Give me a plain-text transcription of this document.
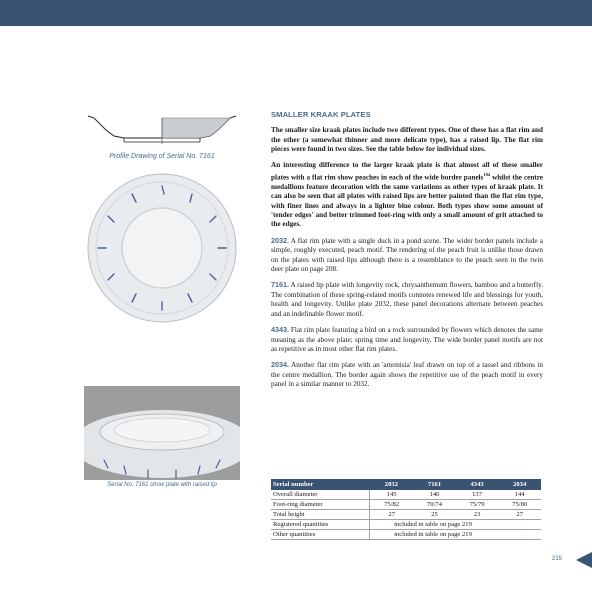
Profile Drawing of Serial No. 7161
Serial No. 7161 show plate with raised lip
SMALLER KRAAK PLATES

The smaller size kraak plates include two different types. One of these has a flat rim and the other (a somewhat thinner and more delicate type), has a raised lip. The flat rim pieces were found in two sizes. See the table below for individual sizes.

An interesting difference to the larger kraak plate is that almost all of these smaller plates with a flat rim show peaches in each of the wide border panels$^{104}$ whilst the centre medallions feature decoration with the same variations as other types of kraak plate. It can also be seen that all plates with raised lips are better painted than the flat rim type, with finer lines and always in a lighter blue colour. Both types show some amount of 'tender edges' and better trimmed foot-ring with only a small amount of grit attached to the edges.

2032. A flat rim plate with a single duck in a pond scene. The wider border panels include a simple, roughly executed, peach motif. The rendering of the peach fruit is unlike those drawn on the plates with raised lips although there is a resemblance to the peach seen in the twin deer plate on page 208.

7161. A raised lip plate with longevity rock, chrysanthemum flowers, bamboo and a butterfly. The combination of these spring-related motifs connotes renewed life and blessings for youth, health and longevity. Unlike plate 2032, these panel decorations alternate between peaches and an indefinable flower motif.

4343. Flat rim plate featuring a bird on a rock surrounded by flowers which denotes the same meaning as the above plate; spring time and longevity. The wide border panel motifs are not as repetitive as in most other flat rim plates.

2034. Another flat rim plate with an 'artemisia' leaf drawn on top of a tassel and ribbons in the centre medallion. The border again shows the repetitive use of the peach motif in every panel in a similar manner to 2032.

Serial number	2032	7161	4343	2034
Overall diameter	145	140	137	144
Foot-ring diameter	75/82	70/74	75/79	75/80
Total height	27	25	23	27
Registered quantities	included in table on page 219			
Other quantities	included in table on page 219			
215
